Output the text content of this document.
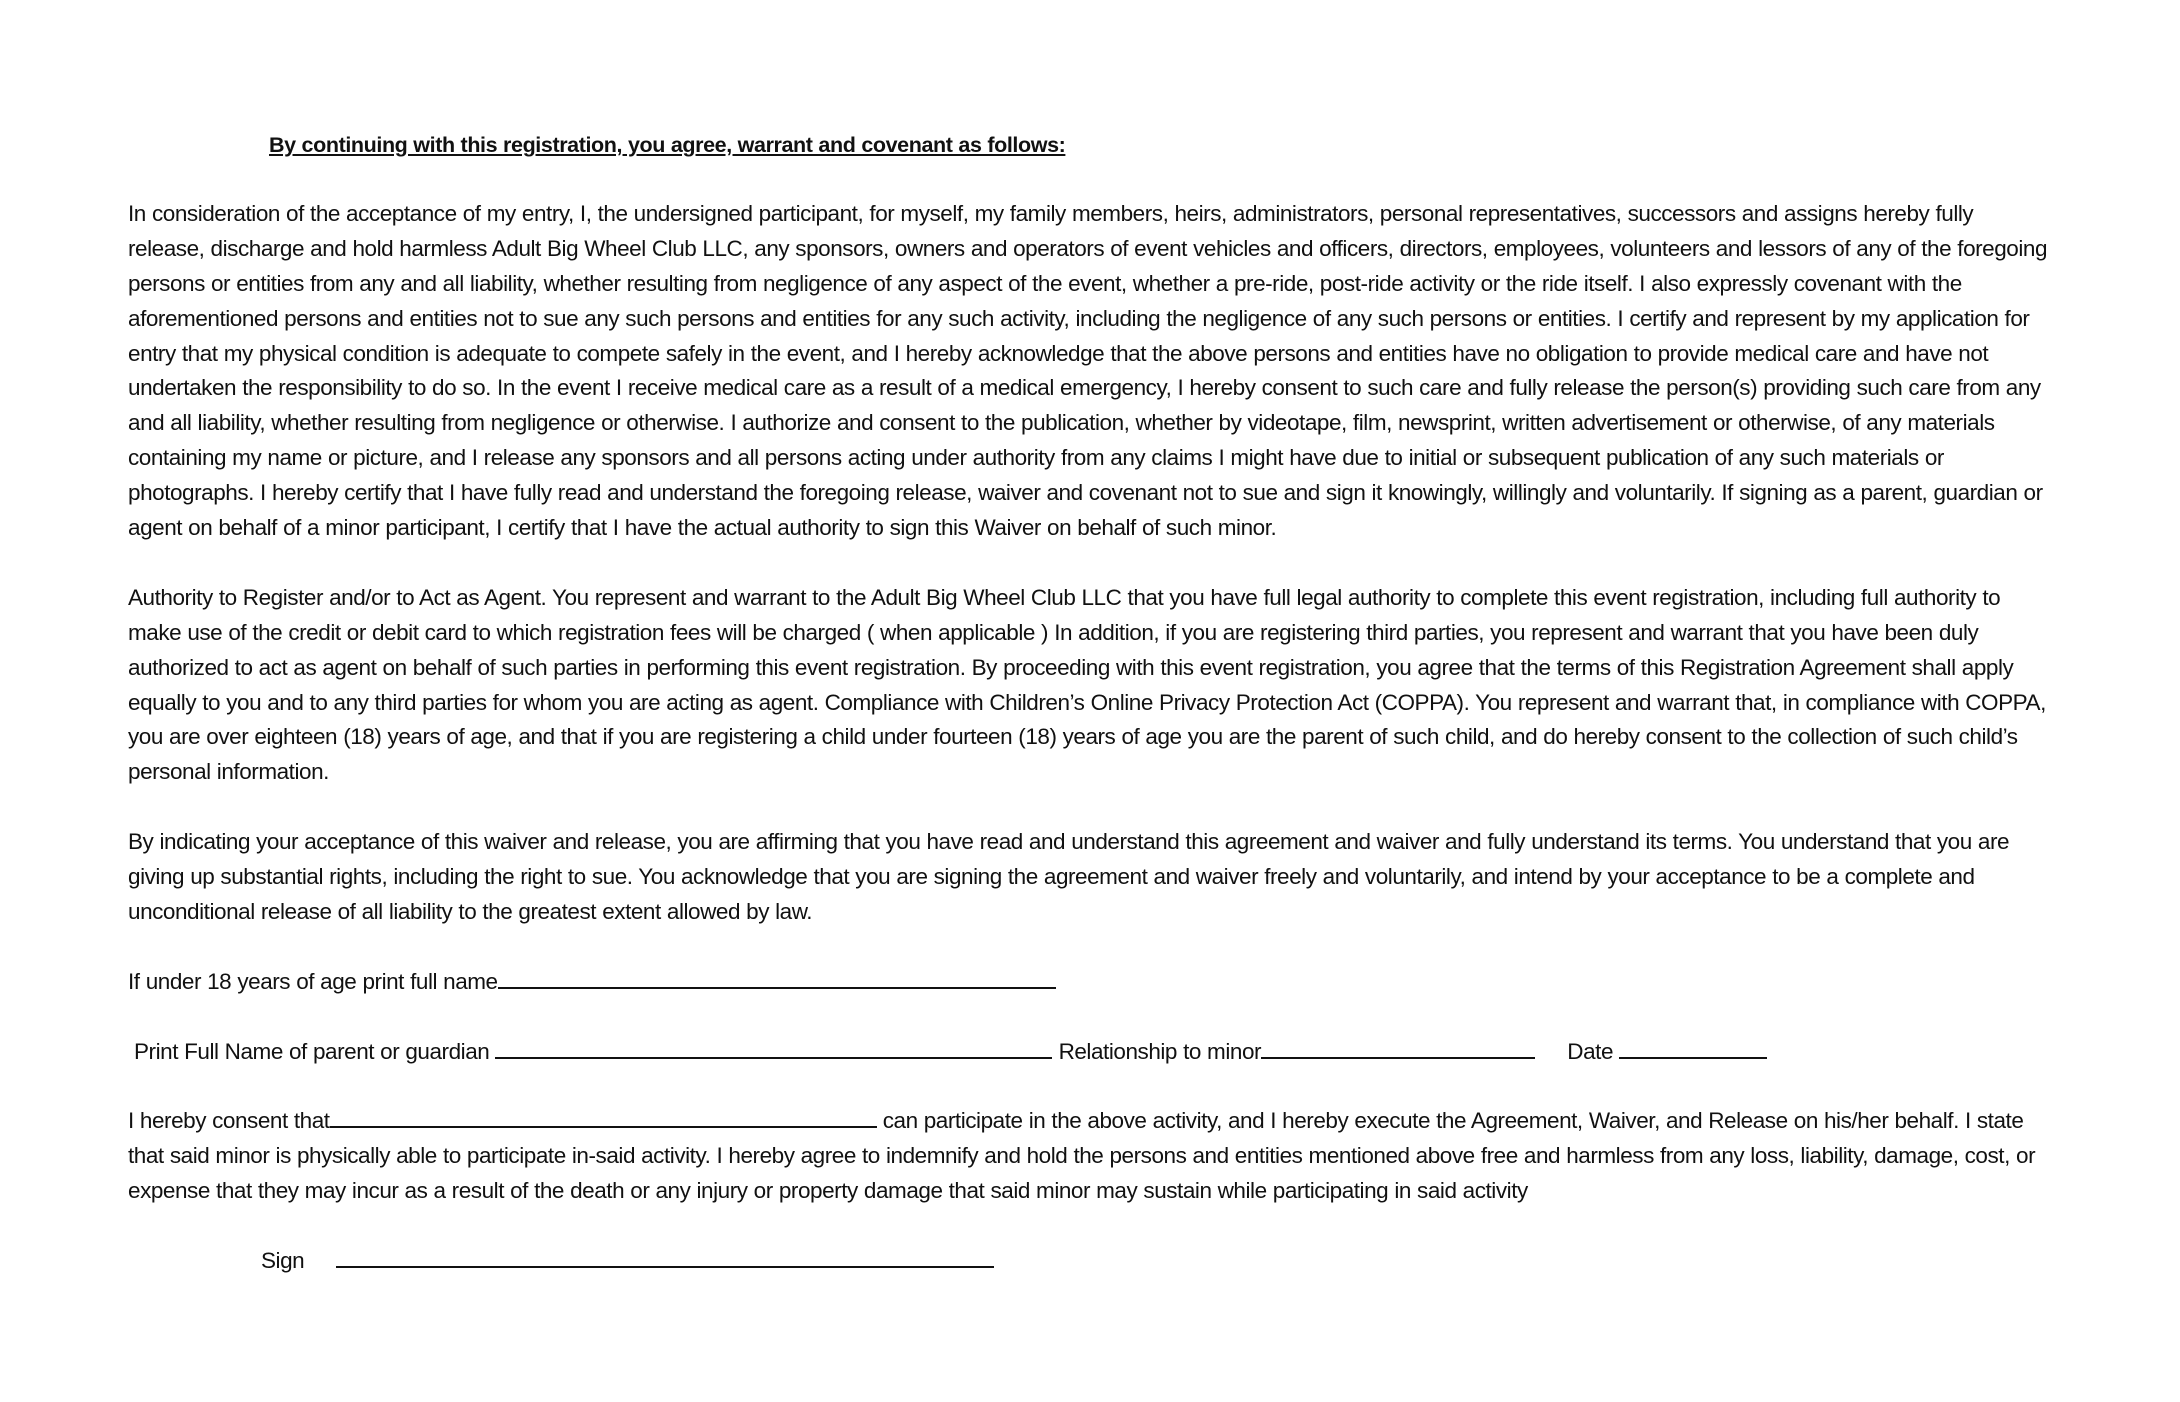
By continuing with this registration, you agree, warrant and covenant as follows:
In consideration of the acceptance of my entry, I, the undersigned participant, for myself, my family members, heirs, administrators, personal representatives, successors and assigns hereby fully release, discharge and hold harmless Adult Big Wheel Club LLC, any sponsors, owners and operators of event vehicles and officers, directors, employees, volunteers and lessors of any of the foregoing persons or entities from any and all liability, whether resulting from negligence of any aspect of the event, whether a pre-ride, post-ride activity or the ride itself. I also expressly covenant with the aforementioned persons and entities not to sue any such persons and entities for any such activity, including the negligence of any such persons or entities. I certify and represent by my application for entry that my physical condition is adequate to compete safely in the event, and I hereby acknowledge that the above persons and entities have no obligation to provide medical care and have not undertaken the responsibility to do so. In the event I receive medical care as a result of a medical emergency, I hereby consent to such care and fully release the person(s) providing such care from any and all liability, whether resulting from negligence or otherwise. I authorize and consent to the publication, whether by videotape, film, newsprint, written advertisement or otherwise, of any materials containing my name or picture, and I release any sponsors and all persons acting under authority from any claims I might have due to initial or subsequent publication of any such materials or photographs. I hereby certify that I have fully read and understand the foregoing release, waiver and covenant not to sue and sign it knowingly, willingly and voluntarily. If signing as a parent, guardian or agent on behalf of a minor participant, I certify that I have the actual authority to sign this Waiver on behalf of such minor.
Authority to Register and/or to Act as Agent. You represent and warrant to the Adult Big Wheel Club LLC that you have full legal authority to complete this event registration, including full authority to make use of the credit or debit card to which registration fees will be charged ( when applicable ) In addition, if you are registering third parties, you represent and warrant that you have been duly authorized to act as agent on behalf of such parties in performing this event registration. By proceeding with this event registration, you agree that the terms of this Registration Agreement shall apply equally to you and to any third parties for whom you are acting as agent. Compliance with Children’s Online Privacy Protection Act (COPPA). You represent and warrant that, in compliance with COPPA, you are over eighteen (18) years of age, and that if you are registering a child under fourteen (18) years of age you are the parent of such child, and do hereby consent to the collection of such child’s personal information.
By indicating your acceptance of this waiver and release, you are affirming that you have read and understand this agreement and waiver and fully understand its terms. You understand that you are giving up substantial rights, including the right to sue. You acknowledge that you are signing the agreement and waiver freely and voluntarily, and intend by your acceptance to be a complete and unconditional release of all liability to the greatest extent allowed by law.
If under 18 years of age print full name
Print Full Name of parent or guardian	Relationship to minor	Date
I hereby consent that	can participate in the above activity, and I hereby execute the Agreement, Waiver, and Release on his/her behalf. I state that said minor is physically able to participate in-said activity. I hereby agree to indemnify and hold the persons and entities mentioned above free and harmless from any loss, liability, damage, cost, or expense that they may incur as a result of the death or any injury or property damage that said minor may sustain while participating in said activity
Sign
